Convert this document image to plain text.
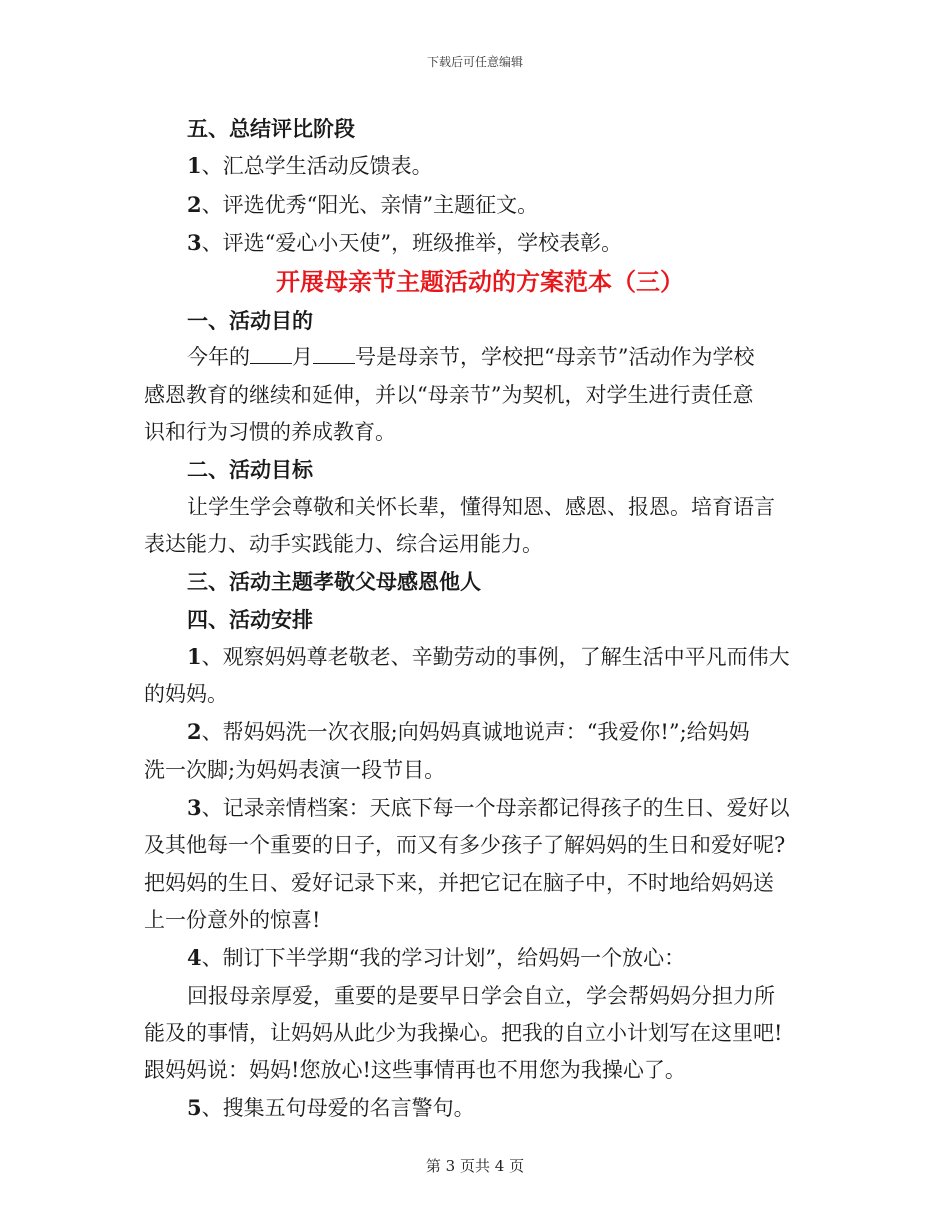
下载后可任意编辑
五、总结评比阶段
1、汇总学生活动反馈表。
2、评选优秀“阳光、亲情”主题征文。
3、评选“爱心小天使”，班级推举，学校表彰。
开展母亲节主题活动的方案范本（三）
一、活动目的
今年的 月 号是母亲节，学校把“母亲节”活动作为学校
感恩教育的继续和延伸，并以“母亲节”为契机，对学生进行责任意
识和行为习惯的养成教育。
二、活动目标
让学生学会尊敬和关怀长辈，懂得知恩、感恩、报恩。培育语言
表达能力、动手实践能力、综合运用能力。
三、活动主题孝敬父母感恩他人
四、活动安排
1、观察妈妈尊老敬老、辛勤劳动的事例，了解生活中平凡而伟大
的妈妈。
2、帮妈妈洗一次衣服;向妈妈真诚地说声：“我爱你!”;给妈妈
洗一次脚;为妈妈表演一段节目。
3、记录亲情档案：天底下每一个母亲都记得孩子的生日、爱好以
及其他每一个重要的日子，而又有多少孩子了解妈妈的生日和爱好呢?
把妈妈的生日、爱好记录下来，并把它记在脑子中，不时地给妈妈送
上一份意外的惊喜!
4、制订下半学期“我的学习计划”，给妈妈一个放心：
回报母亲厚爱，重要的是要早日学会自立，学会帮妈妈分担力所
能及的事情，让妈妈从此少为我操心。把我的自立小计划写在这里吧!
跟妈妈说：妈妈!您放心!这些事情再也不用您为我操心了。
5、搜集五句母爱的名言警句。
第 3 页共 4 页
